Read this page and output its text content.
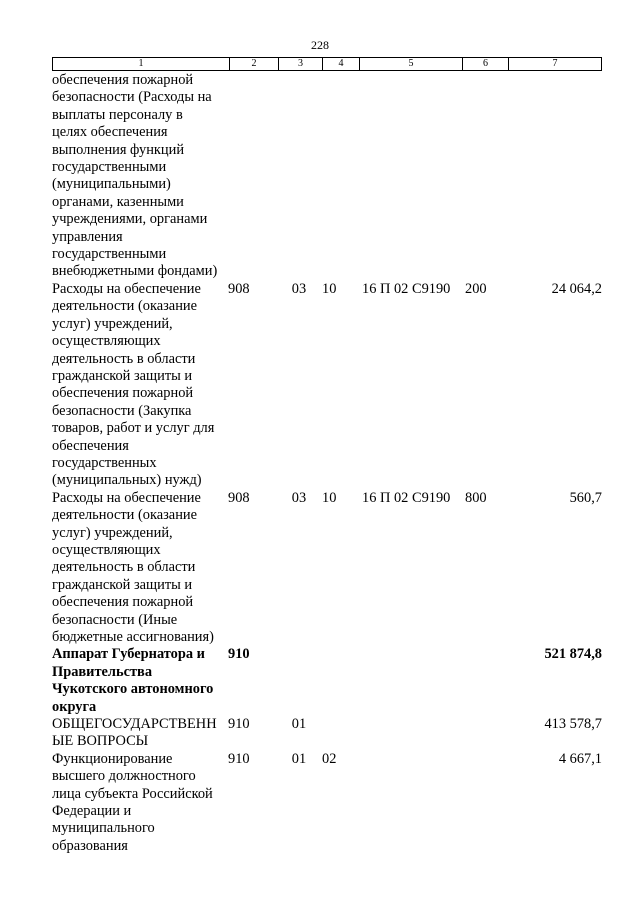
228
1	2	3	4	5	6	7
обеспечения пожарной
безопасности (Расходы на
выплаты персоналу в
целях обеспечения
выполнения функций
государственными
(муниципальными)
органами, казенными
учреждениями, органами
управления
государственными
внебюджетными фондами)
Расходы на обеспечение
деятельности (оказание
услуг) учреждений,
осуществляющих
деятельность в области
гражданской защиты и
обеспечения пожарной
безопасности (Закупка
товаров, работ и услуг для
обеспечения
государственных
(муниципальных) нужд)
908	03 10 16 П 02 С9190 200	24 064,2
Расходы на обеспечение
деятельности (оказание
услуг) учреждений,
осуществляющих
деятельность в области
гражданской защиты и
обеспечения пожарной
безопасности (Иные
бюджетные ассигнования)
908	03 10 16 П 02 С9190 800	560,7
Аппарат Губернатора и
Правительства
Чукотского автономного
округа
910	521 874,8
ОБЩЕГОСУДАРСТВЕНН
ЫЕ ВОПРОСЫ
910	01	413 578,7
Функционирование
высшего должностного
лица субъекта Российской
Федерации и
муниципального
образования
910	01 02	4 667,1
